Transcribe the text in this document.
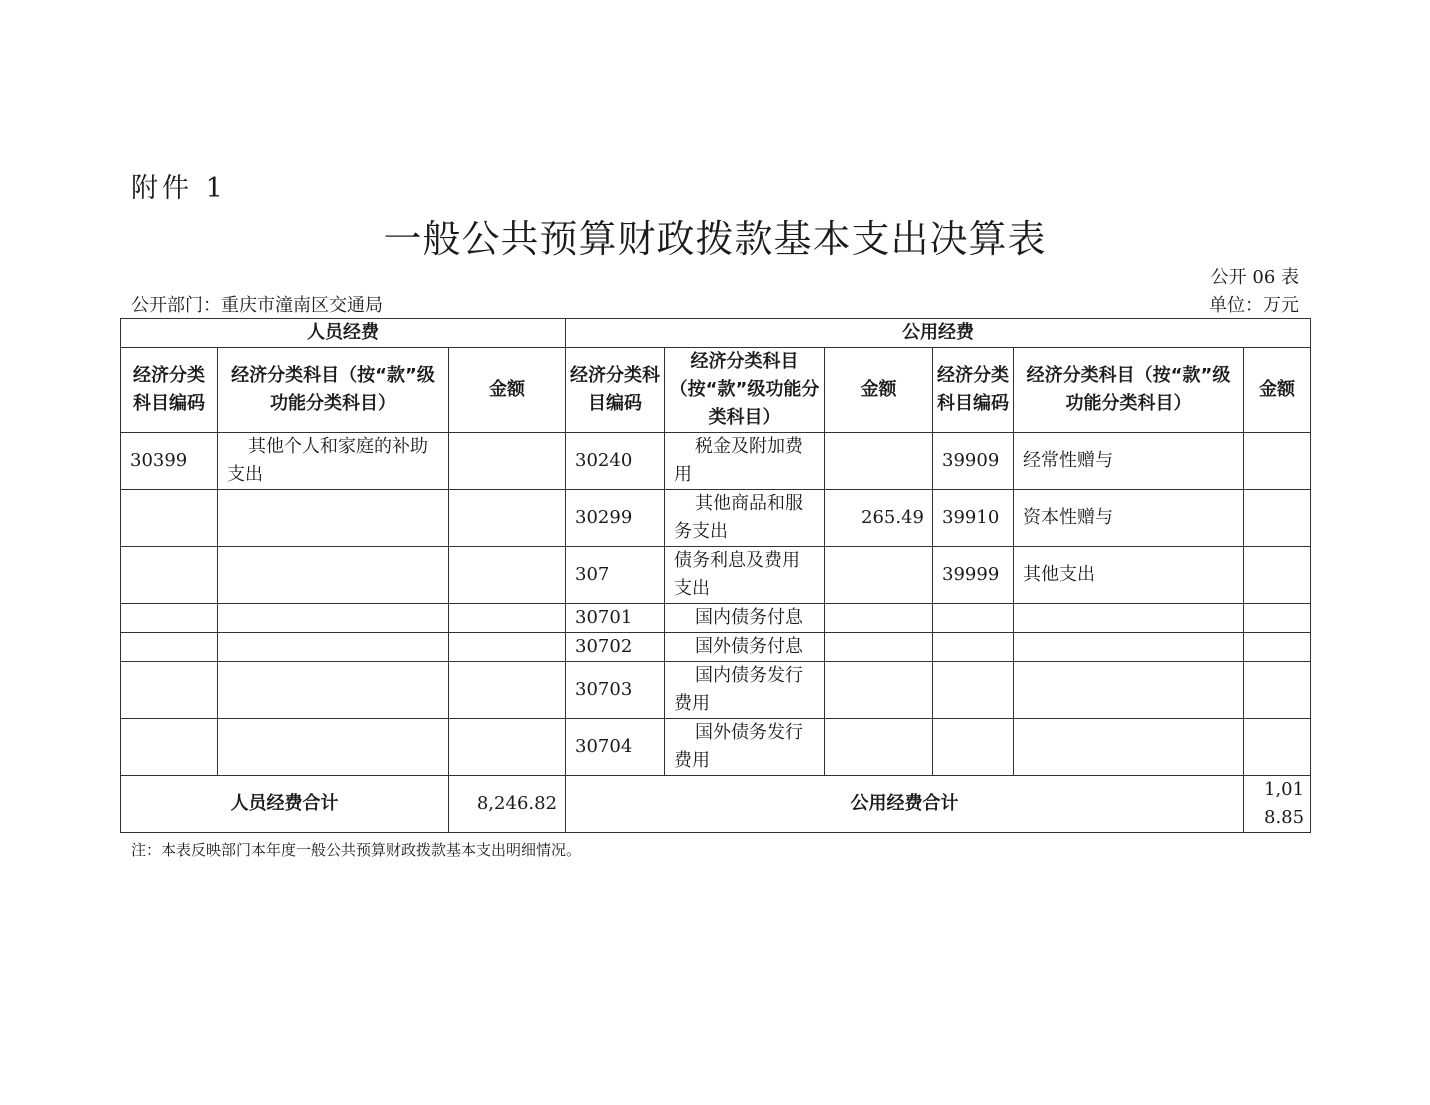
附件 1
一般公共预算财政拨款基本支出决算表
公开 06 表
公开部门：重庆市潼南区交通局	单位：万元
人员经费			公用经费					
经济分类科目编码	经济分类科目（按“款”级功能分类科目）	金额	经济分类科目编码	经济分类科目（按“款”级功能分类科目）	金额	经济分类科目编码	经济分类科目（按“款”级功能分类科目）	金额
30399	其他个人和家庭的补助支出		30240	税金及附加费用		39909	经常性赠与	
			30299	其他商品和服务支出	265.49	39910	资本性赠与	
			307	债务利息及费用支出		39999	其他支出	
			30701	国内债务付息				
			30702	国外债务付息				
			30703	国内债务发行费用				
			30704	国外债务发行费用				
人员经费合计		8,246.82	公用经费合计					1,018.85
注：本表反映部门本年度一般公共预算财政拨款基本支出明细情况。
